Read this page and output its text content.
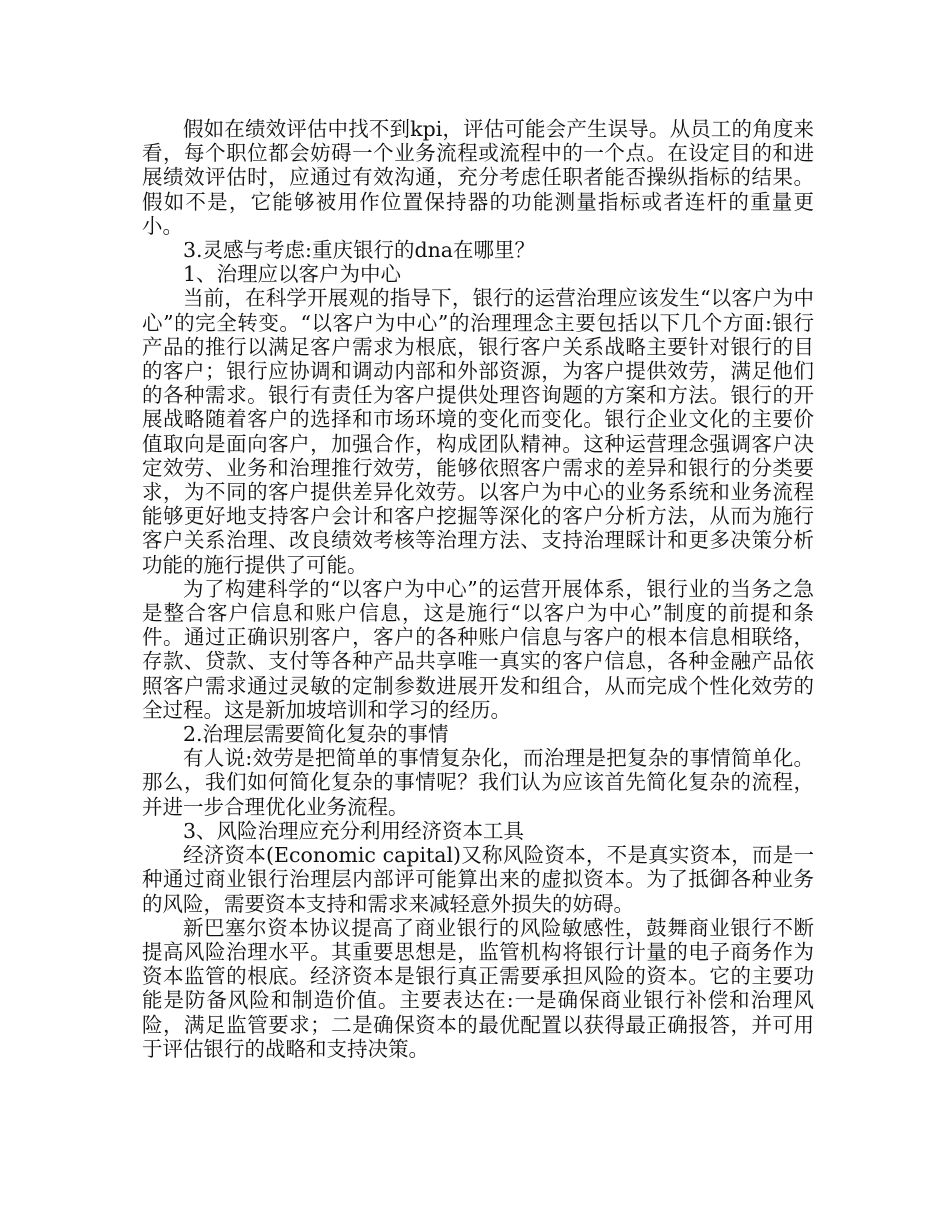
假如在绩效评估中找不到kpi，评估可能会产生误导。从员工的角度来看，每个职位都会妨碍一个业务流程或流程中的一个点。在设定目的和进展绩效评估时，应通过有效沟通，充分考虑任职者能否操纵指标的结果。假如不是，它能够被用作位置保持器的功能测量指标或者连杆的重量更小。

3.灵感与考虑:重庆银行的dna在哪里？

1、治理应以客户为中心

当前，在科学开展观的指导下，银行的运营治理应该发生“以客户为中心”的完全转变。“以客户为中心”的治理理念主要包括以下几个方面:银行产品的推行以满足客户需求为根底，银行客户关系战略主要针对银行的目的客户；银行应协调和调动内部和外部资源，为客户提供效劳，满足他们的各种需求。银行有责任为客户提供处理咨询题的方案和方法。银行的开展战略随着客户的选择和市场环境的变化而变化。银行企业文化的主要价值取向是面向客户，加强合作，构成团队精神。这种运营理念强调客户决定效劳、业务和治理推行效劳，能够依照客户需求的差异和银行的分类要求，为不同的客户提供差异化效劳。以客户为中心的业务系统和业务流程能够更好地支持客户会计和客户挖掘等深化的客户分析方法，从而为施行客户关系治理、改良绩效考核等治理方法、支持治理睬计和更多决策分析功能的施行提供了可能。

为了构建科学的“以客户为中心”的运营开展体系，银行业的当务之急是整合客户信息和账户信息，这是施行“以客户为中心”制度的前提和条件。通过正确识别客户，客户的各种账户信息与客户的根本信息相联络，存款、贷款、支付等各种产品共享唯一真实的客户信息，各种金融产品依照客户需求通过灵敏的定制参数进展开发和组合，从而完成个性化效劳的全过程。这是新加坡培训和学习的经历。

2.治理层需要简化复杂的事情

有人说:效劳是把简单的事情复杂化，而治理是把复杂的事情简单化。那么，我们如何简化复杂的事情呢？我们认为应该首先简化复杂的流程，并进一步合理优化业务流程。

3、风险治理应充分利用经济资本工具

经济资本(Economic capital)又称风险资本，不是真实资本，而是一种通过商业银行治理层内部评可能算出来的虚拟资本。为了抵御各种业务的风险，需要资本支持和需求来减轻意外损失的妨碍。

新巴塞尔资本协议提高了商业银行的风险敏感性，鼓舞商业银行不断提高风险治理水平。其重要思想是，监管机构将银行计量的电子商务作为资本监管的根底。经济资本是银行真正需要承担风险的资本。它的主要功能是防备风险和制造价值。主要表达在:一是确保商业银行补偿和治理风险，满足监管要求；二是确保资本的最优配置以获得最正确报答，并可用于评估银行的战略和支持决策。
